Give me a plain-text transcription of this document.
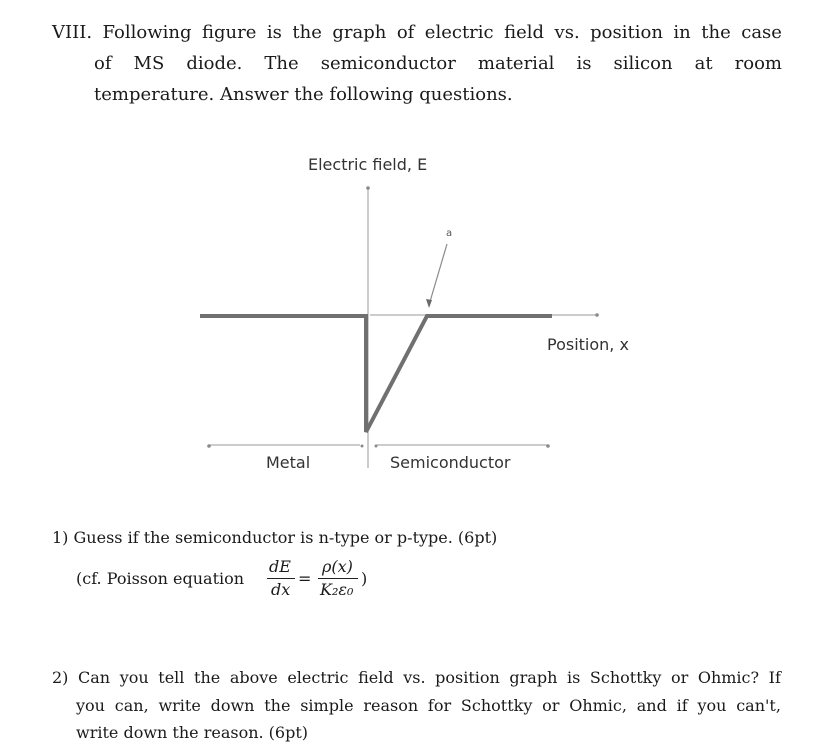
VIII. Following figure is the graph of electric field vs. position in the case
of MS diode. The semiconductor material is silicon at room
temperature. Answer the following questions.
a
Electric field, E
Position, x
Metal	Semiconductor
1) Guess if the semiconductor is n-type or p-type. (6pt)
(cf. Poisson equation
dE
dx
=
ρ(x)
K₂ε₀
)
2) Can you tell the above electric field vs. position graph is Schottky or Ohmic? If
you can, write down the simple reason for Schottky or Ohmic, and if you can't,
write down the reason. (6pt)
